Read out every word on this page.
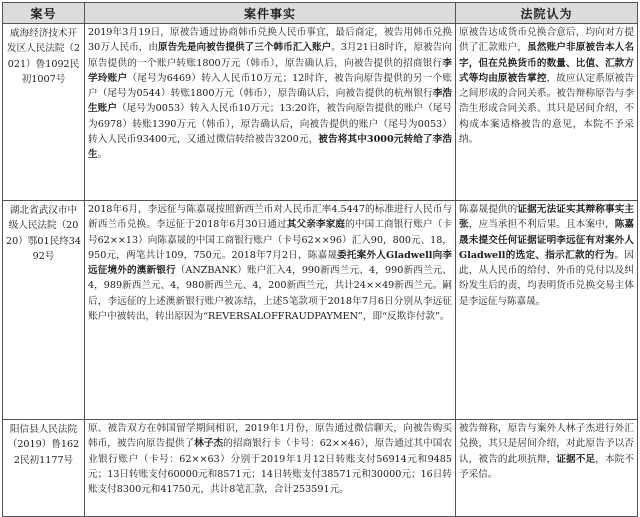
案号	案件事实	法院认为
威海经济技术开发区人民法院（2021）鲁1092民初1007号	2019年3月19日，原被告通过协商韩币兑换人民币事宜，最后商定，被告用韩币兑换30万人民币，由原告先是向被告提供了三个韩币汇入账户。3月21日8时许，原被告向原告提供的一个账户转账1800万元（韩币），原告确认后，向被告提供的招商银行李学玲账户（尾号为6469）转入人民币10万元；12时许，被告向原告提供的另一个账户（尾号为0544）转账1800万元（韩币），原告确认后，向被告提供的杭州银行李浩生账户（尾号为0053）转入人民币10万元；13:20许，被告向原告提供的账户（尾号为6978）转账1390万元（韩币），原告确认后，向被告提供的账户（尾号为0053）转入人民币93400元，又通过微信转给被告3200元，被告将其中3000元转给了李浩生。	原被告达成货币兑换合意后，均向对方提供了汇款账户，虽然账户非原被告本人名字，但在兑换货币的数量、比值、汇款方式等均由原被告掌控，故应认定系原被告之间形成的合同关系。被告辩称原告与李浩生形成合同关系、其只是居间介绍，不构成本案适格被告的意见，本院不予采纳。
湖北省武汉市中级人民法院（2020）鄂01民终3492号	2018年6月，李远征与陈嘉晟按照新西兰币对人民币汇率4.5447的标准进行人民币与新西兰币兑换。李远征于2018年6月30日通过其父亲李家庭的中国工商银行账户（卡号62××13）向陈嘉晟的中国工商银行账户（卡号62××96）汇入90，800元、18，950元，两笔共计109，750元。2018年7月2日，陈嘉晟委托案外人Gladwell向李远征境外的澳新银行（ANZBANK）账户汇入4，990新西兰元、4，990新西兰元、4，989新西兰元、4，980新西兰元、4，200新西兰元，共计24××49新西兰元。嗣后，李远征的上述澳新银行账户被冻结，上述5笔款项于2018年7月6日分别从李远征账户中被转出，转出原因为“REVERSALOFFRAUDPAYMEN”，即“反欺诈付款”。	陈嘉晟提供的证据无法证实其辩称事实主张，应当承担不利后果。且本案中，陈嘉晟未提交任何证据证明李远征有对案外人Gladwell的选定、指示汇款的行为。因此，从人民币的给付、外币的兑付以及纠纷发生后的责，均表明货币兑换交易主体是李远征与陈嘉晟。
阳信县人民法院（2019）鲁1622民初1177号	原、被告双方在韩国留学期间相识，2019年1月份，原告通过微信聊天，向被告购买韩币，被告向原告提供了林子杰的招商银行卡（卡号：62××46），原告通过其中国农业银行账户（卡号：62××63）分别于2019年1月12日转账支付56914元和9485元；13日转账支付60000元和8571元；14日转账支付38571元和30000元；16日转账支付8300元和41750元，共计8笔汇款，合计253591元。	被告辩称，原告与案外人林子杰进行外汇兑换，其只是居间介绍，对此原告予以否认，被告的此项抗辩，证据不足，本院不予采信。
